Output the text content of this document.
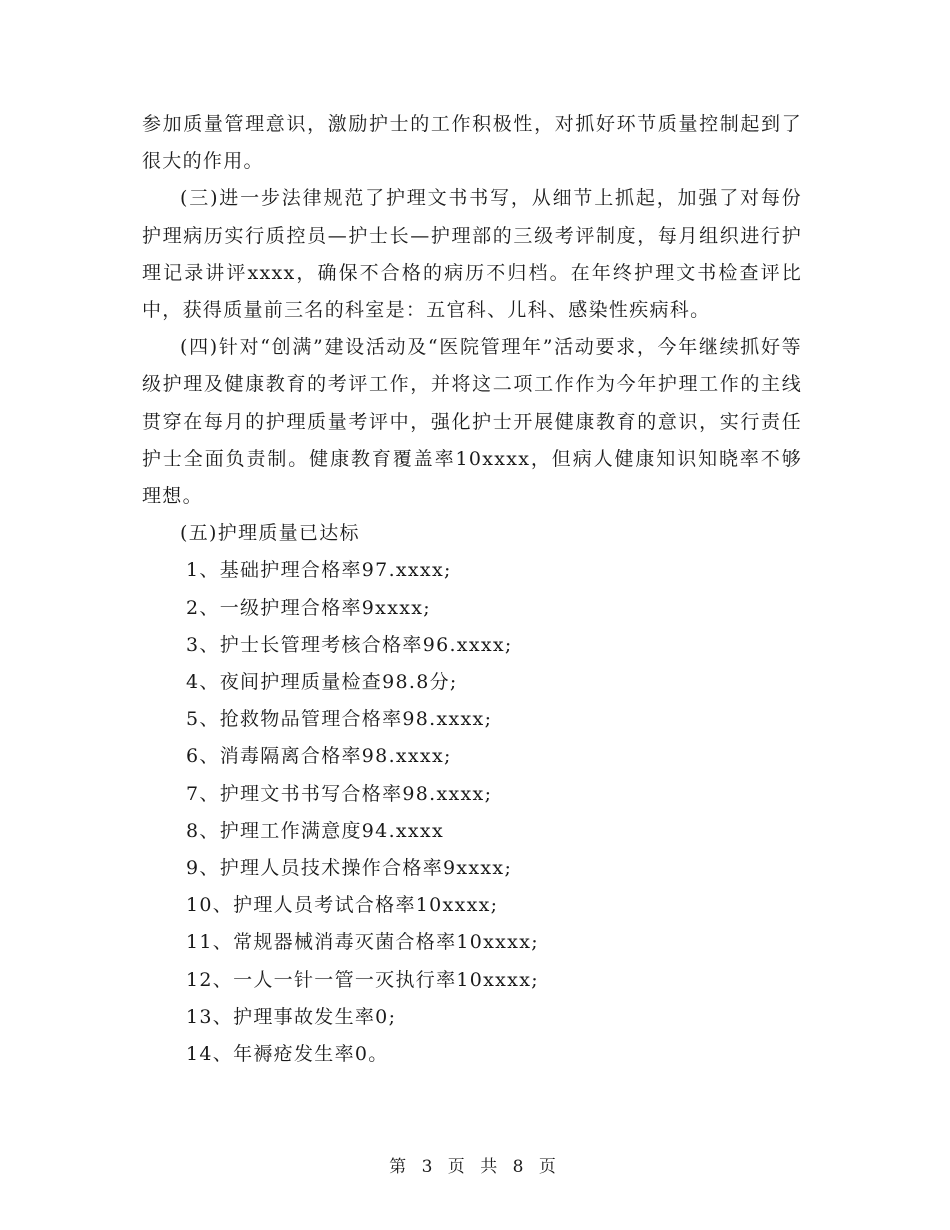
参加质量管理意识，激励护士的工作积极性，对抓好环节质量控制起到了很大的作用。

(三)进一步法律规范了护理文书书写，从细节上抓起，加强了对每份护理病历实行质控员—护士长—护理部的三级考评制度，每月组织进行护理记录讲评xxxx，确保不合格的病历不归档。在年终护理文书检查评比中，获得质量前三名的科室是：五官科、儿科、感染性疾病科。

(四)针对“创满”建设活动及“医院管理年”活动要求，今年继续抓好等级护理及健康教育的考评工作，并将这二项工作作为今年护理工作的主线贯穿在每月的护理质量考评中，强化护士开展健康教育的意识，实行责任护士全面负责制。健康教育覆盖率10xxxx，但病人健康知识知晓率不够理想。

(五)护理质量已达标

1、基础护理合格率97.xxxx;
2、一级护理合格率9xxxx;
3、护士长管理考核合格率96.xxxx;
4、夜间护理质量检查98.8分;
5、抢救物品管理合格率98.xxxx;
6、消毒隔离合格率98.xxxx;
7、护理文书书写合格率98.xxxx;
8、护理工作满意度94.xxxx
9、护理人员技术操作合格率9xxxx;
10、护理人员考试合格率10xxxx;
11、常规器械消毒灭菌合格率10xxxx;
12、一人一针一管一灭执行率10xxxx;
13、护理事故发生率0;
14、年褥疮发生率0。
第 3 页 共 8 页
